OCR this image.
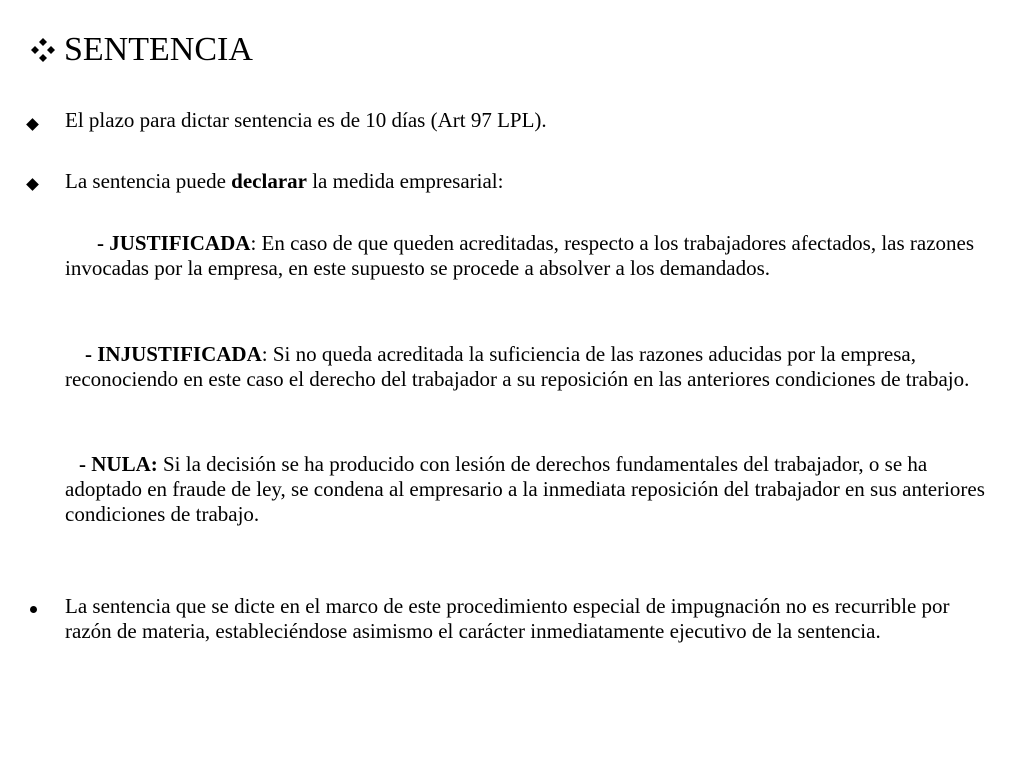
SENTENCIA
El plazo para dictar sentencia es de 10 días (Art 97 LPL).
La sentencia puede declarar la medida empresarial:
- JUSTIFICADA: En caso de que queden acreditadas, respecto a los trabajadores afectados, las razones invocadas por la empresa, en este supuesto se procede a absolver a los demandados.
- INJUSTIFICADA: Si no queda acreditada la suficiencia de las razones aducidas por la empresa, reconociendo en este caso el derecho del trabajador a su reposición en las anteriores condiciones de trabajo.
- NULA: Si la decisión se ha producido con lesión de derechos fundamentales del trabajador, o se ha adoptado en fraude de ley, se condena al empresario a la inmediata reposición del trabajador en sus anteriores condiciones de trabajo.
La sentencia que se dicte en el marco de este procedimiento especial de impugnación no es recurrible por razón de materia, estableciéndose asimismo el carácter inmediatamente ejecutivo de la sentencia.
